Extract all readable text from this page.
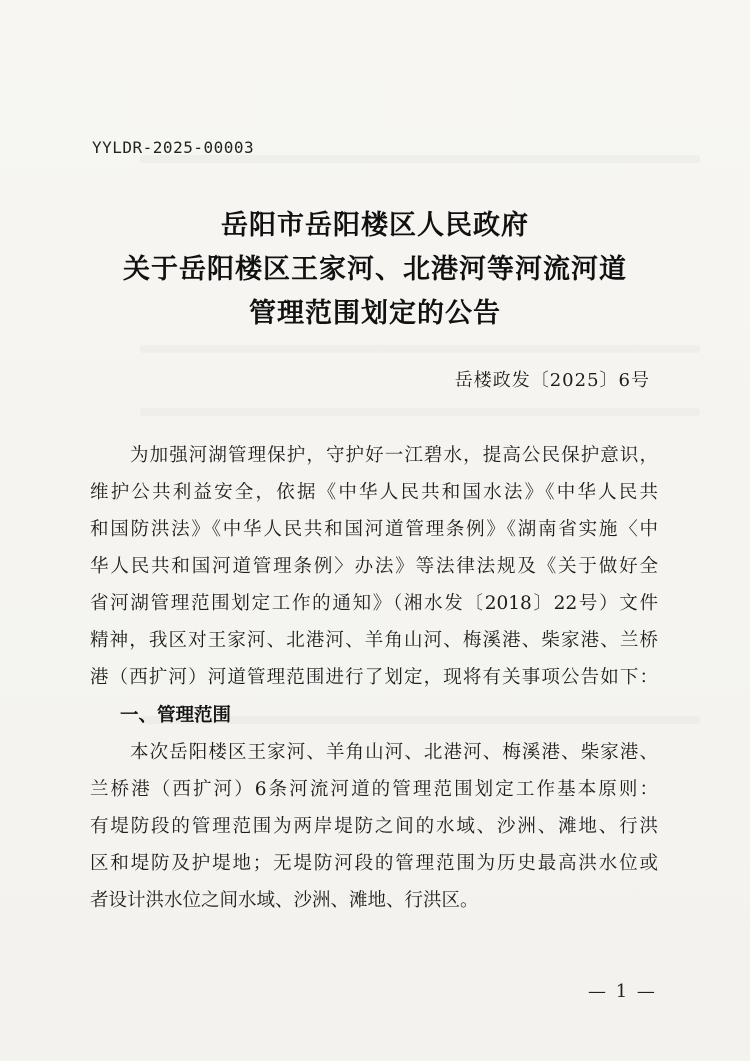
YYLDR-2025-00003
岳阳市岳阳楼区人民政府
关于岳阳楼区王家河、北港河等河流河道
管理范围划定的公告
岳楼政发〔2025〕6号
为加强河湖管理保护，守护好一江碧水，提高公民保护意识，
维护公共利益安全，依据《中华人民共和国水法》《中华人民共
和国防洪法》《中华人民共和国河道管理条例》《湖南省实施〈中
华人民共和国河道管理条例〉办法》等法律法规及《关于做好全
省河湖管理范围划定工作的通知》（湘水发〔2018〕22号）文件
精神，我区对王家河、北港河、羊角山河、梅溪港、柴家港、兰桥
港（西扩河）河道管理范围进行了划定，现将有关事项公告如下：
一、管理范围
本次岳阳楼区王家河、羊角山河、北港河、梅溪港、柴家港、
兰桥港（西扩河）6条河流河道的管理范围划定工作基本原则：
有堤防段的管理范围为两岸堤防之间的水域、沙洲、滩地、行洪
区和堤防及护堤地；无堤防河段的管理范围为历史最高洪水位或
者设计洪水位之间水域、沙洲、滩地、行洪区。
— 1 —
